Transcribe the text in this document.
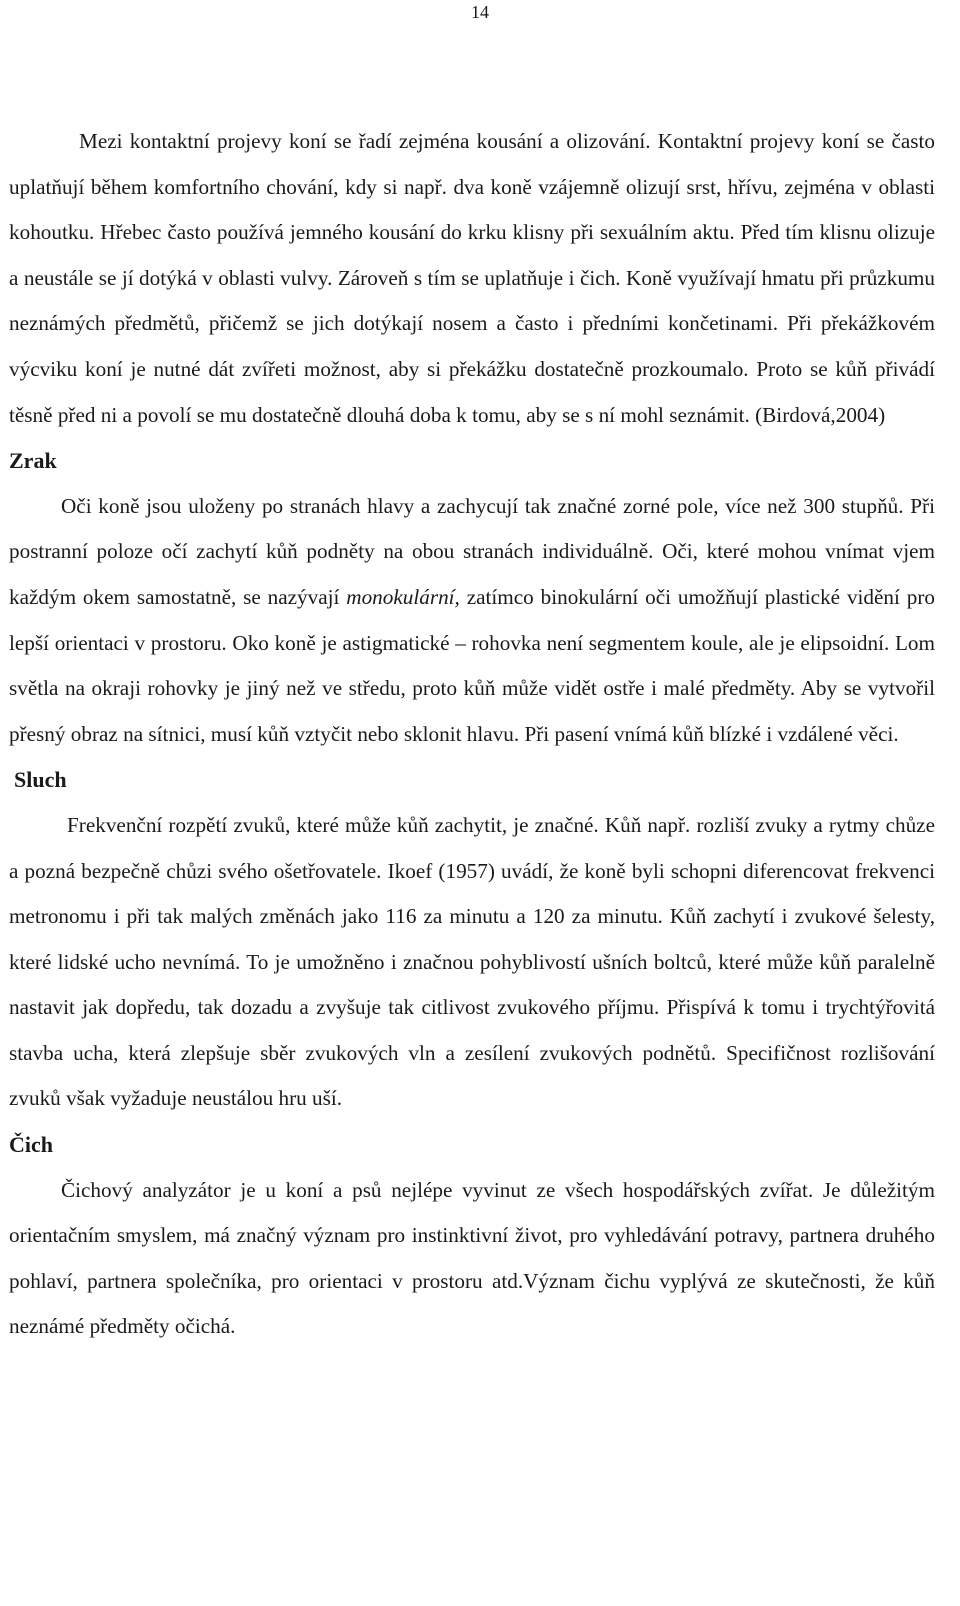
14

Mezi kontaktní projevy koní se řadí zejména kousání a olizování. Kontaktní projevy koní se často uplatňují během komfortního chování, kdy si např. dva koně vzájemně olizují srst, hřívu, zejména v oblasti kohoutku. Hřebec často používá jemného kousání do krku klisny při sexuálním aktu. Před tím klisnu olizuje a neustále se jí dotýká v oblasti vulvy. Zároveň s tím se uplatňuje i čich. Koně využívají hmatu při průzkumu neznámých předmětů, přičemž se jich dotýkají nosem a často i předními končetinami. Při překážkovém výcviku koní je nutné dát zvířeti možnost, aby si překážku dostatečně prozkoumalo. Proto se kůň přivádí těsně před ni a povolí se mu dostatečně dlouhá doba k tomu, aby se s ní mohl seznámit. (Birdová,2004)

Zrak

Oči koně jsou uloženy po stranách hlavy a zachycují tak značné zorné pole, více než 300 stupňů. Při postranní poloze očí zachytí kůň podněty na obou stranách individuálně. Oči, které mohou vnímat vjem každým okem samostatně, se nazývají monokulární, zatímco binokulární oči umožňují plastické vidění pro lepší orientaci v prostoru. Oko koně je astigmatické – rohovka není segmentem koule, ale je elipsoidní. Lom světla na okraji rohovky je jiný než ve středu, proto kůň může vidět ostře i malé předměty. Aby se vytvořil přesný obraz na sítnici, musí kůň vztyčit nebo sklonit hlavu. Při pasení vnímá kůň blízké i vzdálené věci.

Sluch

Frekvenční rozpětí zvuků, které může kůň zachytit, je značné. Kůň např. rozliší zvuky a rytmy chůze a pozná bezpečně chůzi svého ošetřovatele. Ikoef (1957) uvádí, že koně byli schopni diferencovat frekvenci metronomu i při tak malých změnách jako 116 za minutu a 120 za minutu. Kůň zachytí i zvukové šelesty, které lidské ucho nevnímá. To je umožněno i značnou pohyblivostí ušních boltců, které může kůň paralelně nastavit jak dopředu, tak dozadu a zvyšuje tak citlivost zvukového příjmu. Přispívá k tomu i trychtýřovitá stavba ucha, která zlepšuje sběr zvukových vln a zesílení zvukových podnětů. Specifičnost rozlišování zvuků však vyžaduje neustálou hru uší.

Čich

Čichový analyzátor je u koní a psů nejlépe vyvinut ze všech hospodářských zvířat. Je důležitým orientačním smyslem, má značný význam pro instinktivní život, pro vyhledávání potravy, partnera druhého pohlaví, partnera společníka, pro orientaci v prostoru atd.Význam čichu vyplývá ze skutečnosti, že kůň neznámé předměty očichá.
